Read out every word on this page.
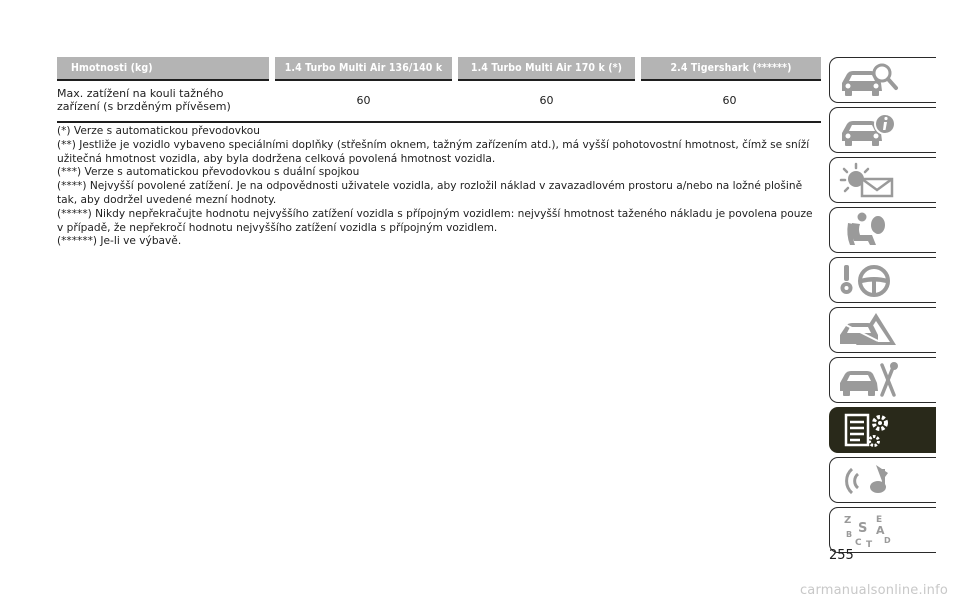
Hmotnosti (kg)	1.4 Turbo Multi Air 136/140 k	1.4 Turbo Multi Air 170 k (*)	2.4 Tigershark (******)
Max. zatížení na kouli tažného
zařízení (s brzděným přívěsem)	60	60	60

(*) Verze s automatickou převodovkou

(**) Jestliže je vozidlo vybaveno speciálními doplňky (střešním oknem, tažným zařízením atd.), má vyšší pohotovostní hmotnost, čímž se sníží užitečná hmotnost vozidla, aby byla dodržena celková povolená hmotnost vozidla.

(***) Verze s automatickou převodovkou s duální spojkou

(****) Nejvyšší povolené zatížení. Je na odpovědnosti uživatele vozidla, aby rozložil náklad v zavazadlovém prostoru a/nebo na ložné plošině tak, aby dodržel uvedené mezní hodnoty.

(*****) Nikdy nepřekračujte hodnotu nejvyššího zatížení vozidla s přípojným vozidlem: nejvyšší hmotnost taženého nákladu je povolena pouze v případě, že nepřekročí hodnotu nejvyššího zatížení vozidla s přípojným vozidlem.

(******) Je-li ve výbavě.

Z	E
S A
B
C T D
255
carmanualsonline.info
